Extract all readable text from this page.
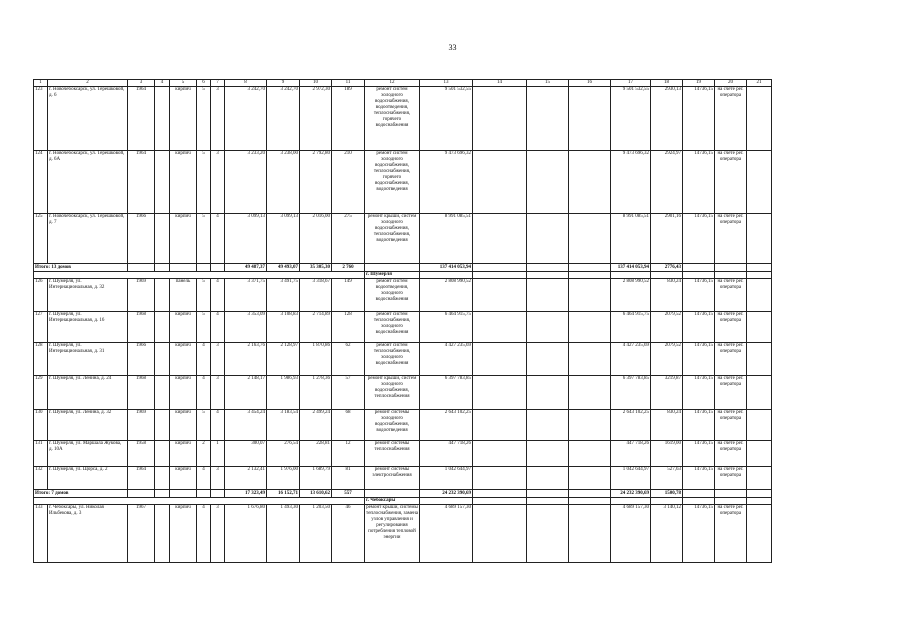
33
1	2	3	4	5	6	7	8	9	10	11	12	13	14	15	16	17	18	19	20	21
123	г. Новочебоксарск, ул. Терешковой, д. 6	1964		кирпич	5	3	3 242,70	3 242,70	2 972,30	189	ремонт систем холодного водоснабжения, водоотведения, теплоснабжения, горячего водоснабжения	9 501 532,55				9 501 532,55	2930,13	14736,15	на счете рег. оператора	
124	г. Новочебоксарск, ул. Терешковой, д. 6А	1964		кирпич	5	3	3 233,20	3 238,00	2 792,80	210	ремонт систем холодного водоснабжения, теплоснабжения, горячего водоснабжения, водоотведения	9 473 696,32				9 473 696,32	2924,97	14736,15	на счете рег. оператора	
125	г. Новочебоксарск, ул. Терешковой, д. 7	1966		кирпич	5	4	3 099,13	3 099,13	2 016,00	275	ремонт крыши, систем холодного водоснабжения, теплоснабжения, водоотведения	8 991 085,51				8 991 085,51	2901,16	14736,15	на счете рег. оператора	
Итого: 13 домов							49 487,37	49 493,07	35 305,30	2 760		137 414 053,94				137 414 053,94	2776,43			
											г. Шумерля									
126	г. Шумерля, ул. Интернациональная, д. 32	1969		панель	5	4	3 371,75	3 491,75	3 318,67	149	ремонт систем водоотведения, холодного водоснабжения	2 808 990,52				2 808 990,52	830,24	14736,15	на счете рег. оператора	
127	г. Шумерля, ул. Интернациональная, д. 16	1968		кирпич	5	4	3 353,09	3 108,83	2 714,89	128	ремонт систем теплоснабжения, холодного водоснабжения	6 464 915,75				6 464 915,75	2079,52	14736,15	на счете рег. оператора	
128	г. Шумерля, ул. Интернациональная, д. 31	1966		кирпич	4	3	2 163,76	2 128,97	1 870,86	62	ремонт систем теплоснабжения, холодного водоснабжения	4 427 235,69				4 427 235,69	2079,52	14736,15	на счете рег. оператора	
129	г. Шумерля, ул. Ленина, д. 24	1968		кирпич	4	3	2 148,17	1 986,93	1 278,36	57	ремонт крыши, систем холодного водоснабжения, теплоснабжения	6 397 783,85				6 397 783,85	3219,87	14736,15	на счете рег. оператора	
130	г. Шумерля, ул. Ленина, д. 32	1969		кирпич	5	4	3 454,24	3 183,54	2 499,24	68	ремонт системы холодного водоснабжения, водоотведения	2 643 102,25				2 643 102,25	830,24	14736,15	на счете рег. оператора	
131	г. Шумерля, ул. Маршала Жукова, д. 10А	1958		кирпич	2	1	300,07	276,54	228,81	12	ремонт системы теплоснабжения	447 718,26				447 718,26	1619,00	14736,15	на счете рег. оператора	
132	г. Шумерля, ул. Щорса, д. 2	1964		кирпич	4	3	2 132,41	1 976,00	1 689,79	81	ремонт системы электроснабжения	1 042 644,97				1 042 644,97	527,63	14736,15	на счете рег. оператора	
Итого: 7 домов							17 323,49	16 152,71	13 610,62	557		24 232 390,69				24 232 390,69	1500,78			
											г. Чебоксары									
133	г. Чебоксары, ул. Николая Ильбекова, д. 3	1967		кирпич	4	3	1 676,80	1 493,30	1 203,50	46	ремонт крыши, системы теплоснабжения, замена узлов управления и регулирования потребления тепловой энергии	4 689 157,30				4 689 157,30	3 140,12	14736,15	на счете рег. оператора	
